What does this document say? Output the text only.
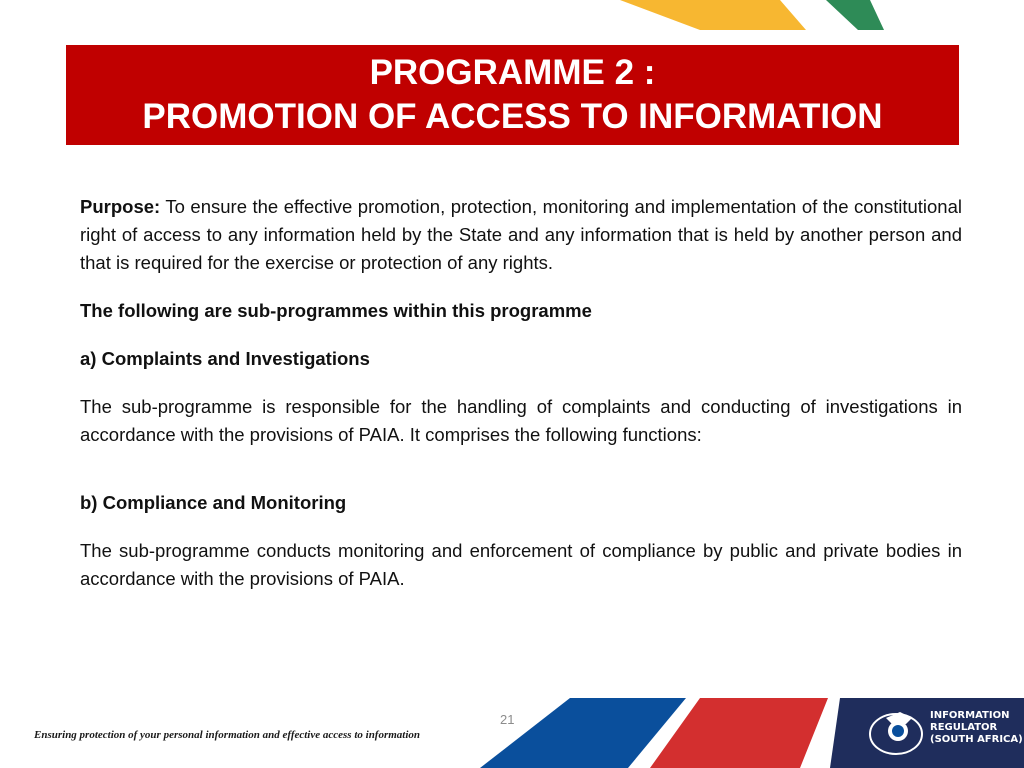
PROGRAMME 2 :
PROMOTION OF ACCESS TO INFORMATION

Purpose: To ensure the effective promotion, protection, monitoring and implementation of the constitutional right of access to any information held by the State and any information that is held by another person and that is required for the exercise or protection of any rights.

The following are sub-programmes within this programme

a) Complaints and Investigations

The sub-programme is responsible for the handling of complaints and conducting of investigations in accordance with the provisions of PAIA. It comprises the following functions:

b) Compliance and Monitoring

The sub-programme conducts monitoring and enforcement of compliance by public and private bodies in accordance with the provisions of PAIA.

INFORMATION
REGULATOR
(SOUTH AFRICA)
21
Ensuring protection of your personal information and effective access to information
